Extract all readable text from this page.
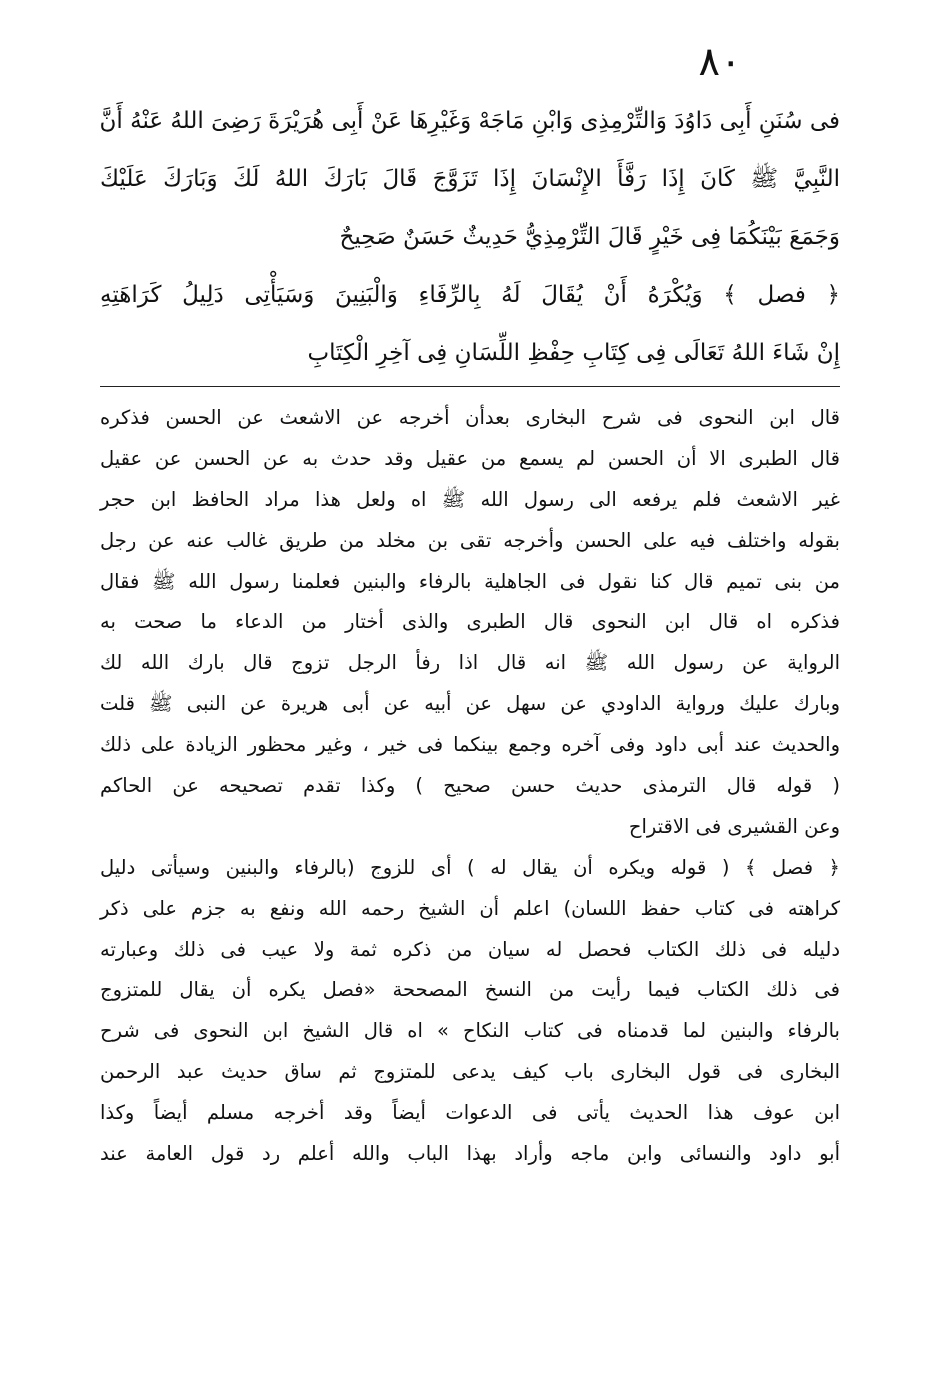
٨٠
فى سُنَنِ أَبِى دَاوُدَ وَالتِّرْمِذِى وَابْنِ مَاجَهْ وَغَيْرِهَا عَنْ أَبِى هُرَيْرَةَ رَضِىَ اللهُ عَنْهُ أَنَّ
النَّبِيَّ ﷺ كَانَ إِذَا رَفَّأَ الإِنْسَانَ إِذَا تَزَوَّجَ قَالَ بَارَكَ اللهُ لَكَ وَبَارَكَ عَلَيْكَ
وَجَمَعَ بَيْنَكُمَا فِى خَيْرٍ قَالَ التِّرْمِذِيُّ حَدِيثٌ حَسَنٌ صَحِيحٌ
﴿ فصل ﴾ وَيُكْرَهُ أَنْ يُقَالَ لَهُ بِالرِّفَاءِ وَالْبَنِينَ وَسَيَأْتِى دَلِيلُ كَرَاهَتِهِ
إِنْ شَاءَ اللهُ تَعَالَى فِى كِتَابِ حِفْظِ اللِّسَانِ فِى آخِرِ الْكِتَابِ
قال ابن النحوى فى شرح البخارى بعدأن أخرجه عن الاشعث عن الحسن فذكره
قال الطبرى الا أن الحسن لم يسمع من عقيل وقد حدث به عن الحسن عن عقيل
غير الاشعث فلم يرفعه الى رسول الله ﷺ اه ولعل هذا مراد الحافظ ابن حجر
بقوله واختلف فيه على الحسن وأخرجه تقى بن مخلد من طريق غالب عنه عن رجل
من بنى تميم قال كنا نقول فى الجاهلية بالرفاء والبنين فعلمنا رسول الله ﷺ فقال
فذكره اه قال ابن النحوى قال الطبرى والذى أختار من الدعاء ما صحت به
الرواية عن رسول الله ﷺ انه قال اذا رفأ الرجل تزوج قال بارك الله لك
وبارك عليك ورواية الداودي عن سهل عن أبيه عن أبى هريرة عن النبى ﷺ قلت
والحديث عند أبى داود وفى آخره وجمع بينكما فى خير ، وغير محظور الزيادة على ذلك
( قوله قال الترمذى حديث حسن صحيح ) وكذا تقدم تصحيحه عن الحاكم
وعن القشيرى فى الاقتراح
﴿ فصل ﴾ ( قوله ويكره أن يقال له ) أى للزوج (بالرفاء والبنين وسيأتى دليل
كراهته فى كتاب حفظ اللسان) اعلم أن الشيخ رحمه الله ونفع به جزم على ذكر
دليله فى ذلك الكتاب فحصل له سيان من ذكره ثمة ولا عيب فى ذلك وعبارته
فى ذلك الكتاب فيما رأيت من النسخ المصححة «فصل يكره أن يقال للمتزوج
بالرفاء والبنين لما قدمناه فى كتاب النكاح » اه قال الشيخ ابن النحوى فى شرح
البخارى فى قول البخارى باب كيف يدعى للمتزوج ثم ساق حديث عبد الرحمن
ابن عوف هذا الحديث يأتى فى الدعوات أيضاً وقد أخرجه مسلم أيضاً وكذا
أبو داود والنسائى وابن ماجه وأراد بهذا الباب والله أعلم رد قول العامة عند
